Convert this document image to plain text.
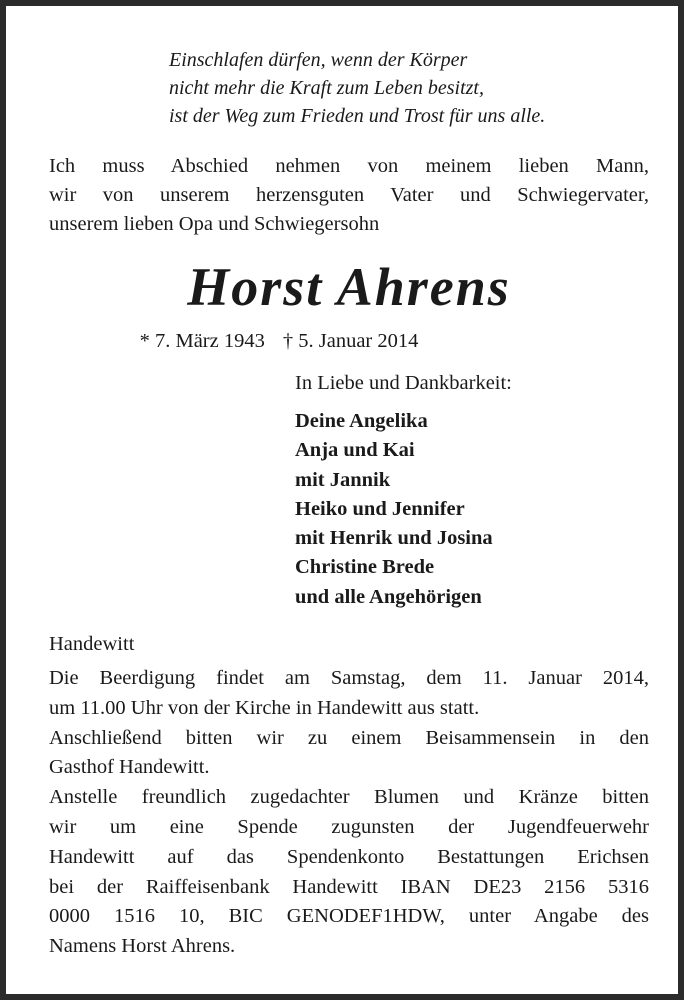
Einschlafen dürfen, wenn der Körper
nicht mehr die Kraft zum Leben besitzt,
ist der Weg zum Frieden und Trost für uns alle.
Ich muss Abschied nehmen von meinem lieben Mann,
wir von unserem herzensguten Vater und Schwiegervater,
unserem lieben Opa und Schwiegersohn
Horst Ahrens
* 7. März 1943 † 5. Januar 2014
In Liebe und Dankbarkeit:
Deine Angelika
Anja und Kai
mit Jannik
Heiko und Jennifer
mit Henrik und Josina
Christine Brede
und alle Angehörigen
Handewitt
Die Beerdigung findet am Samstag, dem 11. Januar 2014,
um 11.00 Uhr von der Kirche in Handewitt aus statt.
Anschließend bitten wir zu einem Beisammensein in den
Gasthof Handewitt.
Anstelle freundlich zugedachter Blumen und Kränze bitten
wir um eine Spende zugunsten der Jugendfeuerwehr
Handewitt auf das Spendenkonto Bestattungen Erichsen
bei der Raiffeisenbank Handewitt IBAN DE23 2156 5316
0000 1516 10, BIC GENODEF1HDW, unter Angabe des
Namens Horst Ahrens.
